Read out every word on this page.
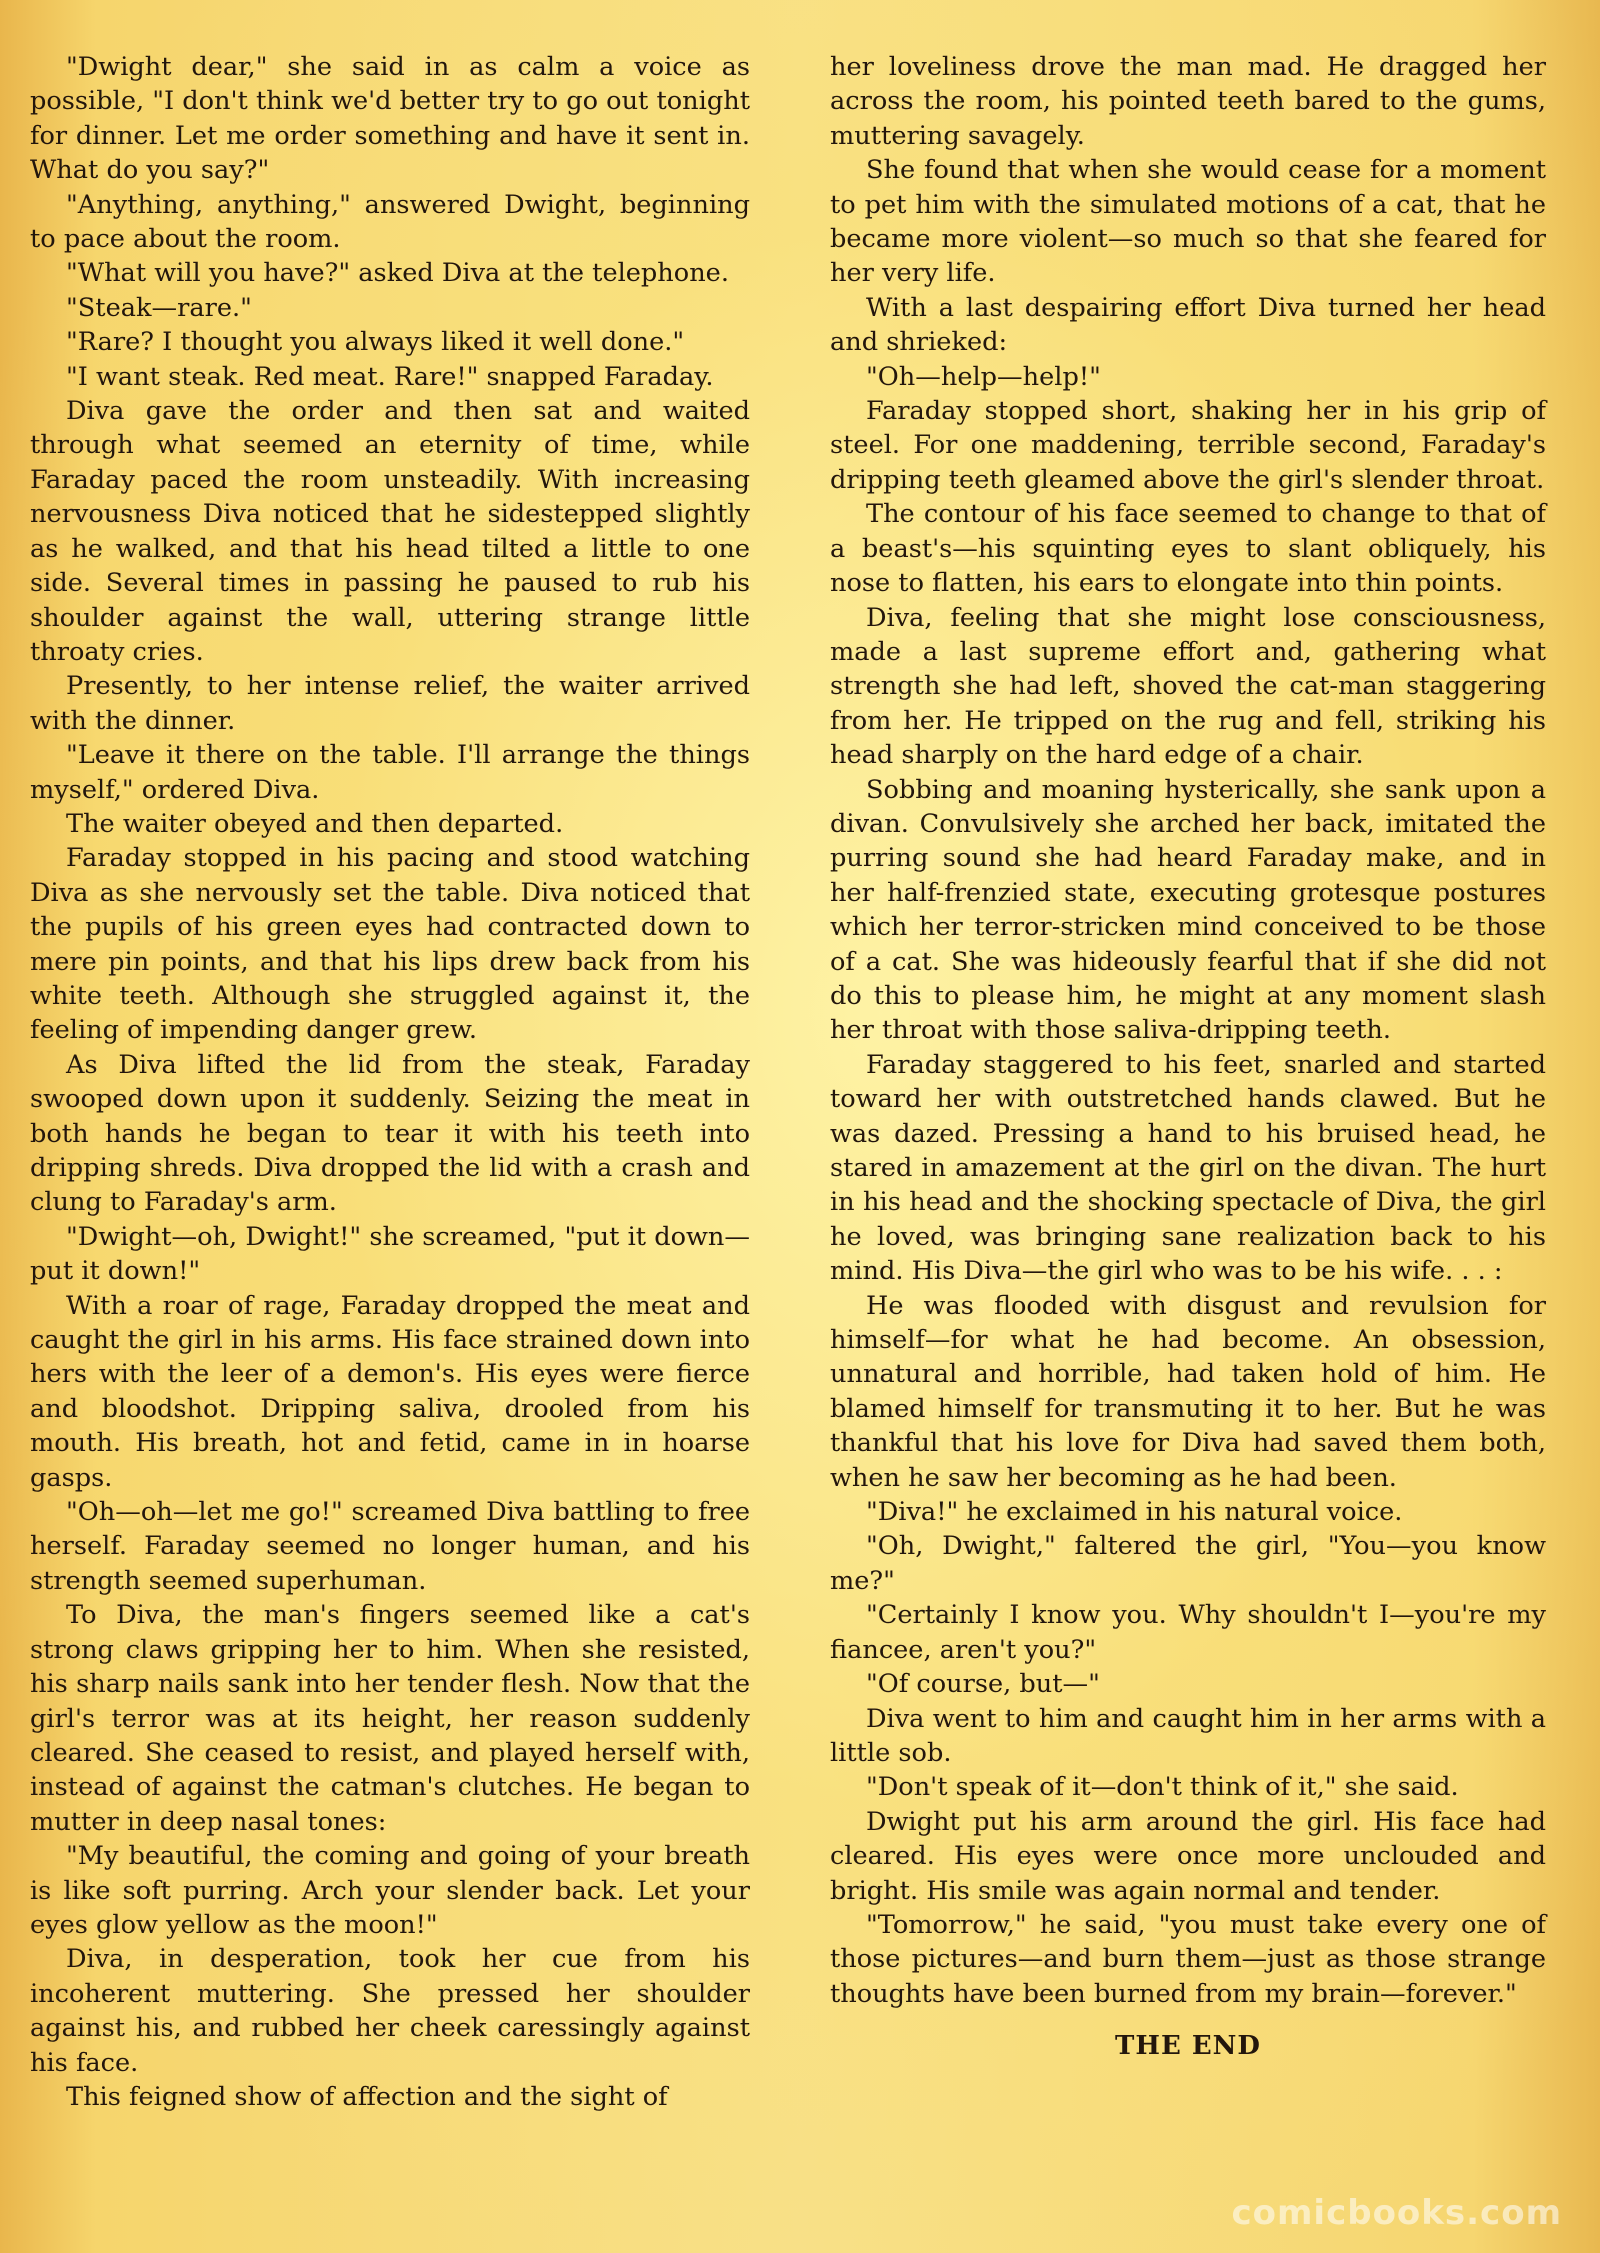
"Dwight dear," she said in as calm a voice as possible, "I don't think we'd better try to go out tonight for dinner. Let me order something and have it sent in. What do you say?"

"Anything, anything," answered Dwight, beginning to pace about the room.

"What will you have?" asked Diva at the telephone.

"Steak—rare."

"Rare? I thought you always liked it well done."

"I want steak. Red meat. Rare!" snapped Faraday.

Diva gave the order and then sat and waited through what seemed an eternity of time, while Faraday paced the room unsteadily. With increasing nervousness Diva noticed that he sidestepped slightly as he walked, and that his head tilted a little to one side. Several times in passing he paused to rub his shoulder against the wall, uttering strange little throaty cries.

Presently, to her intense relief, the waiter arrived with the dinner.

"Leave it there on the table. I'll arrange the things myself," ordered Diva.

The waiter obeyed and then departed.

Faraday stopped in his pacing and stood watching Diva as she nervously set the table. Diva noticed that the pupils of his green eyes had contracted down to mere pin points, and that his lips drew back from his white teeth. Although she struggled against it, the feeling of impending danger grew.

As Diva lifted the lid from the steak, Faraday swooped down upon it suddenly. Seizing the meat in both hands he began to tear it with his teeth into dripping shreds. Diva dropped the lid with a crash and clung to Faraday's arm.

"Dwight—oh, Dwight!" she screamed, "put it down—put it down!"

With a roar of rage, Faraday dropped the meat and caught the girl in his arms. His face strained down into hers with the leer of a demon's. His eyes were fierce and bloodshot. Dripping saliva, drooled from his mouth. His breath, hot and fetid, came in in hoarse gasps.

"Oh—oh—let me go!" screamed Diva battling to free herself. Faraday seemed no longer human, and his strength seemed superhuman.

To Diva, the man's fingers seemed like a cat's strong claws gripping her to him. When she resisted, his sharp nails sank into her tender flesh. Now that the girl's terror was at its height, her reason suddenly cleared. She ceased to resist, and played herself with, instead of against the catman's clutches. He began to mutter in deep nasal tones:

"My beautiful, the coming and going of your breath is like soft purring. Arch your slender back. Let your eyes glow yellow as the moon!"

Diva, in desperation, took her cue from his incoherent muttering. She pressed her shoulder against his, and rubbed her cheek caressingly against his face.

This feigned show of affection and the sight of

her loveliness drove the man mad. He dragged her across the room, his pointed teeth bared to the gums, muttering savagely.

She found that when she would cease for a moment to pet him with the simulated motions of a cat, that he became more violent—so much so that she feared for her very life.

With a last despairing effort Diva turned her head and shrieked:

"Oh—help—help!"

Faraday stopped short, shaking her in his grip of steel. For one maddening, terrible second, Faraday's dripping teeth gleamed above the girl's slender throat.

The contour of his face seemed to change to that of a beast's—his squinting eyes to slant obliquely, his nose to flatten, his ears to elongate into thin points.

Diva, feeling that she might lose consciousness, made a last supreme effort and, gathering what strength she had left, shoved the cat-man staggering from her. He tripped on the rug and fell, striking his head sharply on the hard edge of a chair.

Sobbing and moaning hysterically, she sank upon a divan. Convulsively she arched her back, imitated the purring sound she had heard Faraday make, and in her half-frenzied state, executing grotesque postures which her terror-stricken mind conceived to be those of a cat. She was hideously fearful that if she did not do this to please him, he might at any moment slash her throat with those saliva-dripping teeth.

Faraday staggered to his feet, snarled and started toward her with outstretched hands clawed. But he was dazed. Pressing a hand to his bruised head, he stared in amazement at the girl on the divan. The hurt in his head and the shocking spectacle of Diva, the girl he loved, was bringing sane realization back to his mind. His Diva—the girl who was to be his wife. . . :

He was flooded with disgust and revulsion for himself—for what he had become. An obsession, unnatural and horrible, had taken hold of him. He blamed himself for transmuting it to her. But he was thankful that his love for Diva had saved them both, when he saw her becoming as he had been.

"Diva!" he exclaimed in his natural voice.

"Oh, Dwight," faltered the girl, "You—you know me?"

"Certainly I know you. Why shouldn't I—you're my fiancee, aren't you?"

"Of course, but—"

Diva went to him and caught him in her arms with a little sob.

"Don't speak of it—don't think of it," she said.

Dwight put his arm around the girl. His face had cleared. His eyes were once more unclouded and bright. His smile was again normal and tender.

"Tomorrow," he said, "you must take every one of those pictures—and burn them—just as those strange thoughts have been burned from my brain—forever."

THE END

comicbooks.com
